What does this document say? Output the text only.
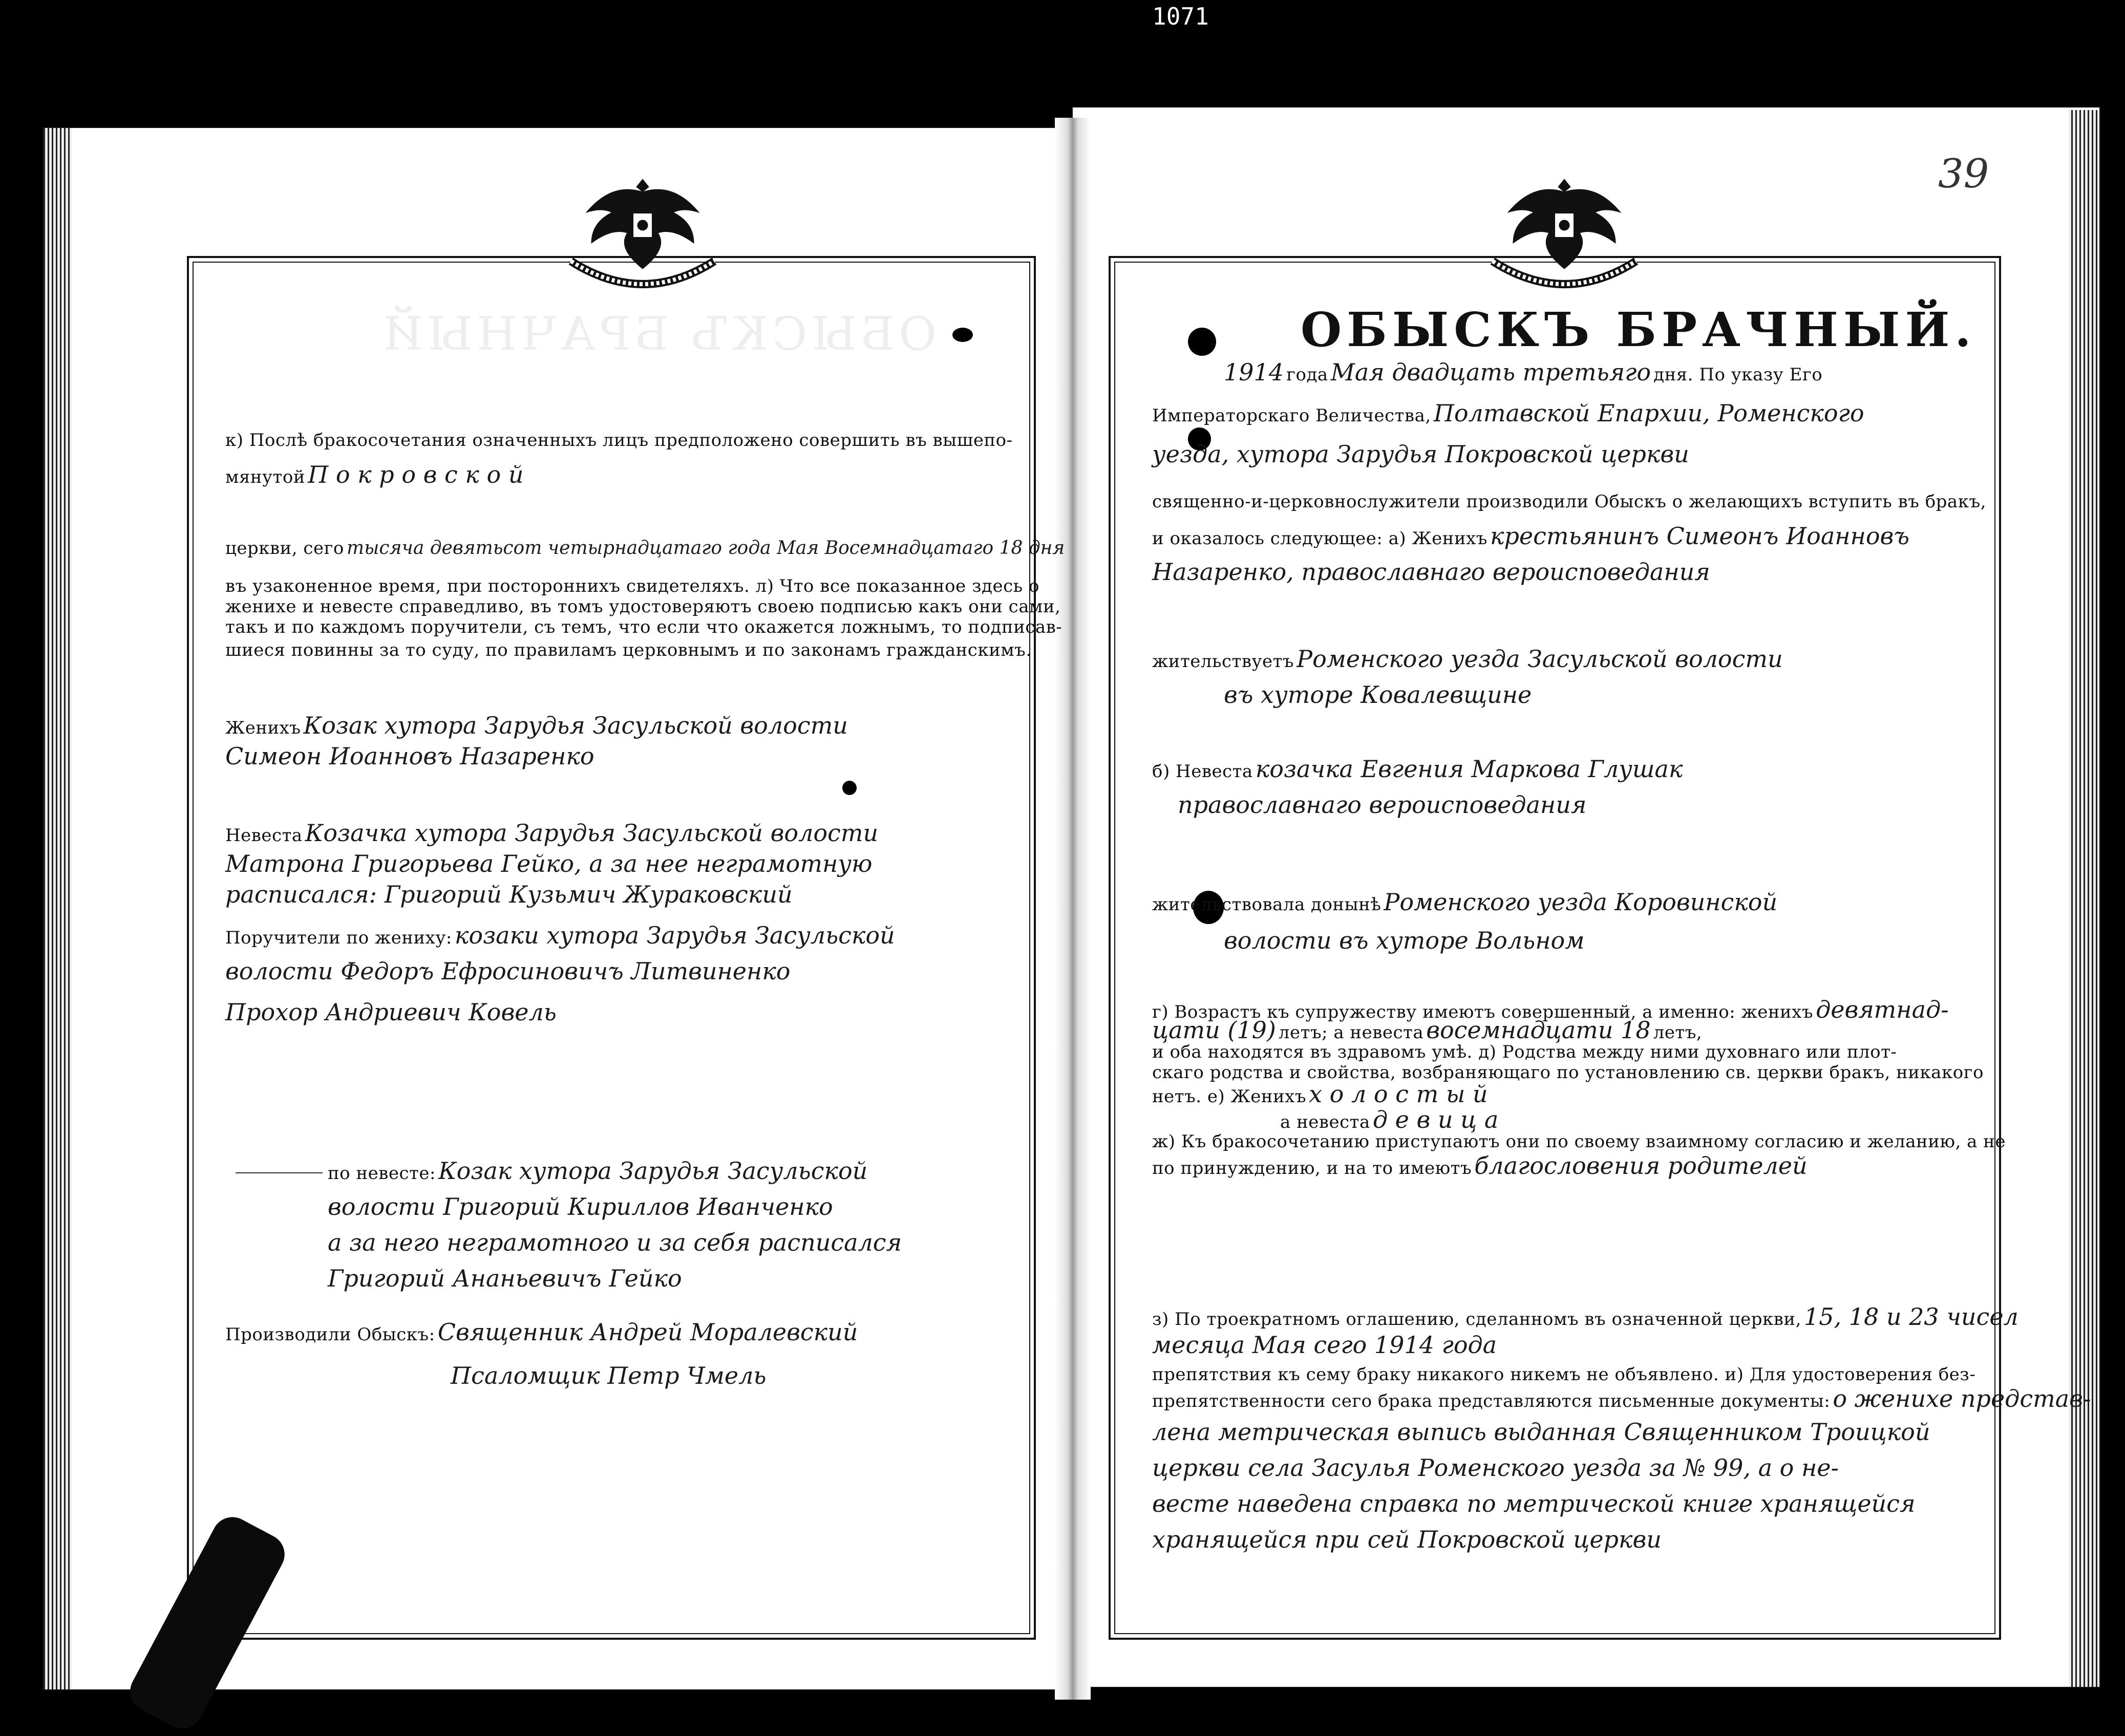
1071
39
ОБЫСКЪ БРАЧНЫЙ	ОБЫСКЪ БРАЧНЫЙ.
1914 года Мая двадцать третьяго дня. По указу Его
Императорскаго Величества, Полтавской Епархии, Роменского
уезда, хутора Зарудья Покровской церкви
священно-и-церковнослужители производили Обыскъ о желающихъ вступить въ бракъ,
и оказалось следующее: а) Женихъ крестьянинъ Симеонъ Иоанновъ
Назаренко, православнаго вероисповедания
жительствуетъ Роменского уезда Засульской волости
въ хуторе Ковалевщине
б) Невеста козачка Евгения Маркова Глушак
православнаго вероисповедания
жительствовала донынѣ Роменского уезда Коровинской
волости въ хуторе Вольном
г) Возрастъ къ супружеству имеютъ совершенный, а именно: женихъ девятнад-
цати (19) летъ; а невеста восемнадцати 18 летъ,
и оба находятся въ здравомъ умѣ. д) Родства между ними духовнаго или плот-
скаго родства и свойства, возбраняющаго по установлению св. церкви бракъ, никакого
нетъ. е) Женихъ х о л о с т ы й
а невеста д е в и ц а
ж) Къ бракосочетанию приступаютъ они по своему взаимному согласию и желанию, а не
по принуждению, и на то имеютъ благословения родителей
з) По троекратномъ оглашению, сделанномъ въ означенной церкви, 15, 18 и 23 чисел
месяца Мая сего 1914 года
препятствия къ сему браку никакого никемъ не объявлено. и) Для удостоверения без-
препятственности сего брака представляются письменные документы: о женихе представ-
лена метрическая выпись выданная Священником Троицкой
церкви села Засулья Роменского уезда за № 99, а о не-
весте наведена справка по метрической книге хранящейся
хранящейся при сей Покровской церкви
к) Послѣ бракосочетания означенныхъ лицъ предположено совершить въ вышепо-
мянутой П о к р о в с к о й
церкви, сего тысяча девятьсот четырнадцатаго года Мая Восемнадцатаго 18 дня
въ узаконенное время, при постороннихъ свидетеляхъ. л) Что все показанное здесь о
женихе и невесте справедливо, въ томъ удостоверяютъ своею подписью какъ они сами,
такъ и по каждомъ поручители, съ темъ, что если что окажется ложнымъ, то подписав-
шиеся повинны за то суду, по правиламъ церковнымъ и по законамъ гражданскимъ.
Женихъ Козак хутора Зарудья Засульской волости
Симеон Иоанновъ Назаренко
Невеста Козачка хутора Зарудья Засульской волости
Матрона Григорьева Гейко, а за нее неграмотную
расписался: Григорий Кузьмич Жураковский
Поручители по жениху: козаки хутора Зарудья Засульской
волости Федоръ Ефросиновичъ Литвиненко
Прохор Андриевич Ковель
по невесте: Козак хутора Зарудья Засульской
волости Григорий Кириллов Иванченко
а за него неграмотного и за себя расписался
Григорий Ананьевичъ Гейко
Производили Обыскъ: Священник Андрей Моралевский
Псаломщик Петр Чмель
